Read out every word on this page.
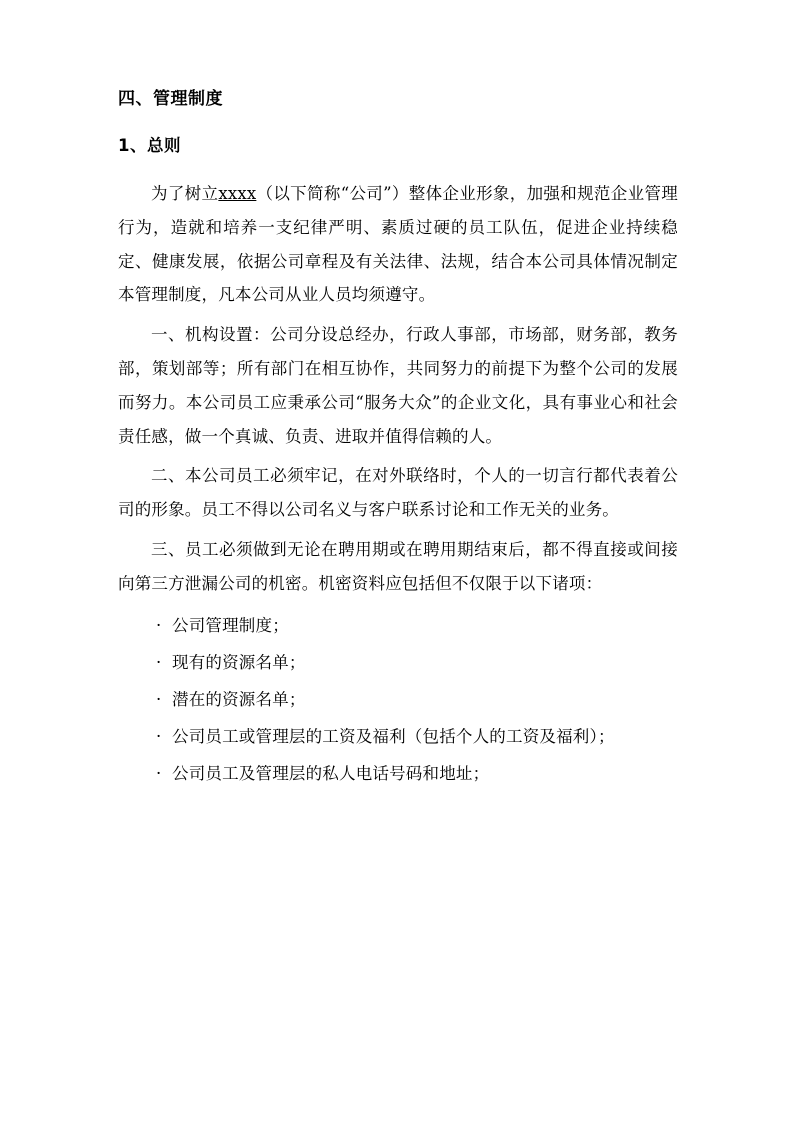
四、管理制度
1、总则

为了树立xxxx（以下简称“公司”）整体企业形象，加强和规范企业管理行为，造就和培养一支纪律严明、素质过硬的员工队伍，促进企业持续稳定、健康发展，依据公司章程及有关法律、法规，结合本公司具体情况制定本管理制度，凡本公司从业人员均须遵守。

一、机构设置：公司分设总经办，行政人事部，市场部，财务部，教务部，策划部等；所有部门在相互协作，共同努力的前提下为整个公司的发展而努力。本公司员工应秉承公司“服务大众”的企业文化，具有事业心和社会责任感，做一个真诚、负责、进取并值得信赖的人。

二、本公司员工必须牢记，在对外联络时，个人的一切言行都代表着公司的形象。员工不得以公司名义与客户联系讨论和工作无关的业务。

三、员工必须做到无论在聘用期或在聘用期结束后，都不得直接或间接向第三方泄漏公司的机密。机密资料应包括但不仅限于以下诸项：

· 公司管理制度；
· 现有的资源名单；
· 潜在的资源名单；
· 公司员工或管理层的工资及福利（包括个人的工资及福利）；
· 公司员工及管理层的私人电话号码和地址；
